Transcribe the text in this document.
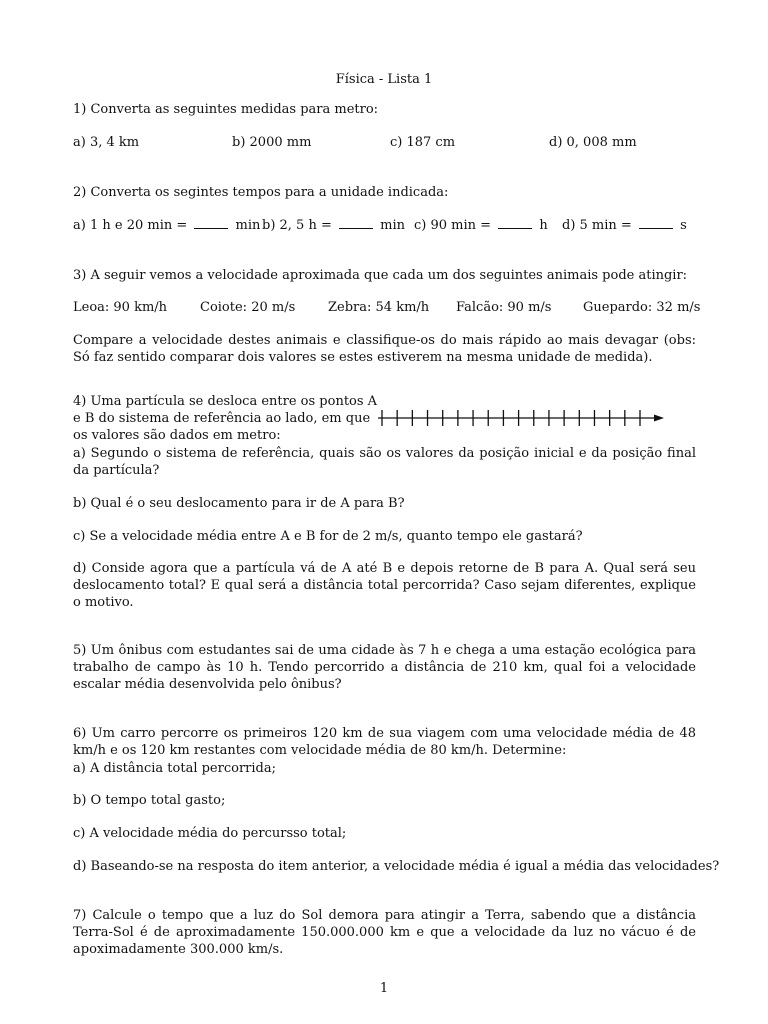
Física - Lista 1
1) Converta as seguintes medidas para metro:
a) 3, 4 km	b) 2000 mm	c) 187 cm	d) 0, 008 mm
2) Converta os segintes tempos para a unidade indicada:
a) 1 h e 20 min =	min b) 2, 5 h =	min c) 90 min =	h d) 5 min =	s
3) A seguir vemos a velocidade aproximada que cada um dos seguintes animais pode atingir:
Leoa: 90 km/h	Coiote: 20 m/s	Zebra: 54 km/h Falcão: 90 m/s Guepardo: 32 m/s
Compare a velocidade destes animais e classifique-os do mais rápido ao mais devagar (obs: Só faz sentido comparar dois valores se estes estiverem na mesma unidade de medida).
4) Uma partícula se desloca entre os pontos A
e B do sistema de referência ao lado, em que
os valores são dados em metro:
a) Segundo o sistema de referência, quais são os valores da posição inicial e da posição final da partícula?
b) Qual é o seu deslocamento para ir de A para B?
c) Se a velocidade média entre A e B for de 2 m/s, quanto tempo ele gastará?
d) Conside agora que a partícula vá de A até B e depois retorne de B para A. Qual será seu deslocamento total? E qual será a distância total percorrida? Caso sejam diferentes, explique o motivo.
5) Um ônibus com estudantes sai de uma cidade às 7 h e chega a uma estação ecológica para trabalho de campo às 10 h. Tendo percorrido a distância de 210 km, qual foi a velocidade escalar média desenvolvida pelo ônibus?
6) Um carro percorre os primeiros 120 km de sua viagem com uma velocidade média de 48 km/h e os 120 km restantes com velocidade média de 80 km/h. Determine:
a) A distância total percorrida;
b) O tempo total gasto;
c) A velocidade média do percursso total;
d) Baseando-se na resposta do item anterior, a velocidade média é igual a média das velocidades?
7) Calcule o tempo que a luz do Sol demora para atingir a Terra, sabendo que a distância Terra-Sol é de aproximadamente 150.000.000 km e que a velocidade da luz no vácuo é de apoximadamente 300.000 km/s.
1
